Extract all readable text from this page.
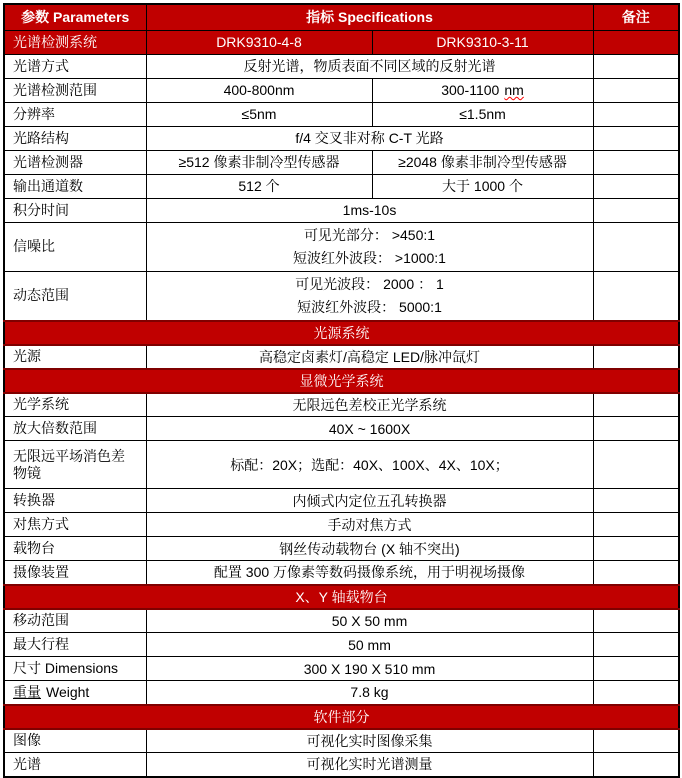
参数 Parameters	指标 Specifications		备注
光谱检测系统	DRK9310-4-8	DRK9310-3-11	
光谱方式	反射光谱，物质表面不同区域的反射光谱		
光谱检测范围	400-800nm	300-1100 nm	
分辨率	≤5nm	≤1.5nm	
光路结构	f/4 交叉非对称 C-T 光路		
光谱检测器	≥512 像素非制冷型传感器	≥2048 像素非制冷型传感器	
输出通道数	512 个	大于 1000 个	
积分时间	1ms-10s		
信噪比	可见光部分： >450:1
短波红外波段： >1000:1		

动态范围	可见光波段： 2000 ： 1
短波红外波段： 5000:1		

光源系统			
光源	高稳定卤素灯/高稳定 LED/脉冲氙灯		
显微光学系统			
光学系统	无限远色差校正光学系统		
放大倍数范围	40X ~ 1600X		
无限远平场消色差物镜	标配：20X；选配：40X、100X、4X、10X；		
转换器	内倾式内定位五孔转换器		
对焦方式	手动对焦方式		
载物台	钢丝传动载物台 (X 轴不突出)		
摄像装置	配置 300 万像素等数码摄像系统，用于明视场摄像		
X、Y 轴载物台			
移动范围	50 X 50 mm		
最大行程	50 mm		
尺寸 Dimensions	300 X 190 X 510 mm		
重量 Weight	7.8 kg		
软件部分			
图像	可视化实时图像采集		
光谱	可视化实时光谱测量		
